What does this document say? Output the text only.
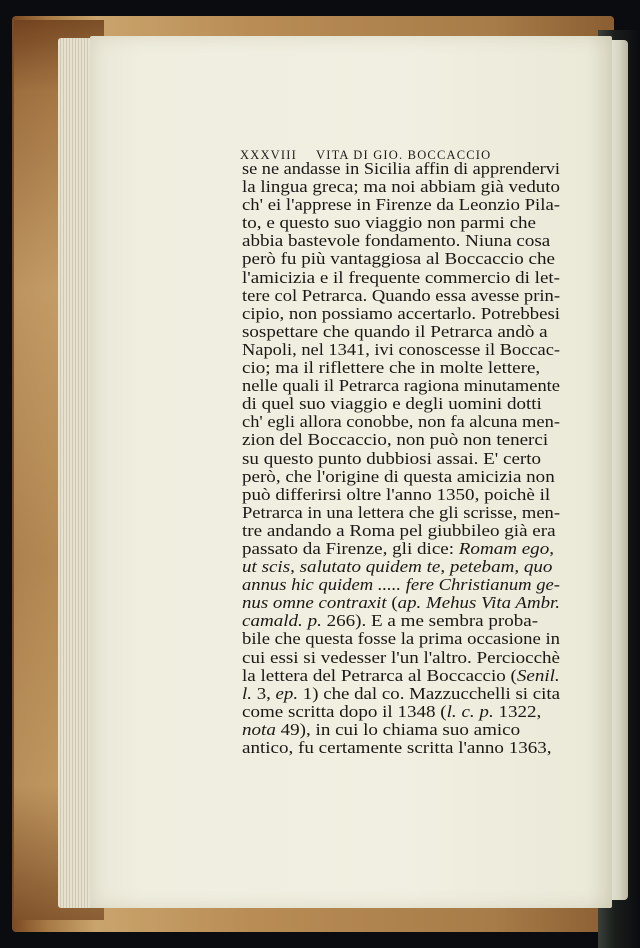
XXXVIII VITA DI GIO. BOCCACCIO
se ne andasse in Sicilia affin di apprendervi
la lingua greca; ma noi abbiam già veduto
ch' ei l'apprese in Firenze da Leonzio Pila-
to, e questo suo viaggio non parmi che
abbia bastevole fondamento. Niuna cosa
però fu più vantaggiosa al Boccaccio che
l'amicizia e il frequente commercio di let-
tere col Petrarca. Quando essa avesse prin-
cipio, non possiamo accertarlo. Potrebbesi
sospettare che quando il Petrarca andò a
Napoli, nel 1341, ivi conoscesse il Boccac-
cio; ma il riflettere che in molte lettere,
nelle quali il Petrarca ragiona minutamente
di quel suo viaggio e degli uomini dotti
ch' egli allora conobbe, non fa alcuna men-
zion del Boccaccio, non può non tenerci
su questo punto dubbiosi assai. E' certo
però, che l'origine di questa amicizia non
può differirsi oltre l'anno 1350, poichè il
Petrarca in una lettera che gli scrisse, men-
tre andando a Roma pel giubbileo già era
passato da Firenze, gli dice: Romam ego,
ut scis, salutato quidem te, petebam, quo
annus hic quidem ..... fere Christianum ge-
nus omne contraxit (ap. Mehus Vita Ambr.
camald. p. 266). E a me sembra proba-
bile che questa fosse la prima occasione in
cui essi si vedesser l'un l'altro. Perciocchè
la lettera del Petrarca al Boccaccio (Senil.
l. 3, ep. 1) che dal co. Mazzucchelli si cita
come scritta dopo il 1348 (l. c. p. 1322,
nota 49), in cui lo chiama suo amico
antico, fu certamente scritta l'anno 1363,
